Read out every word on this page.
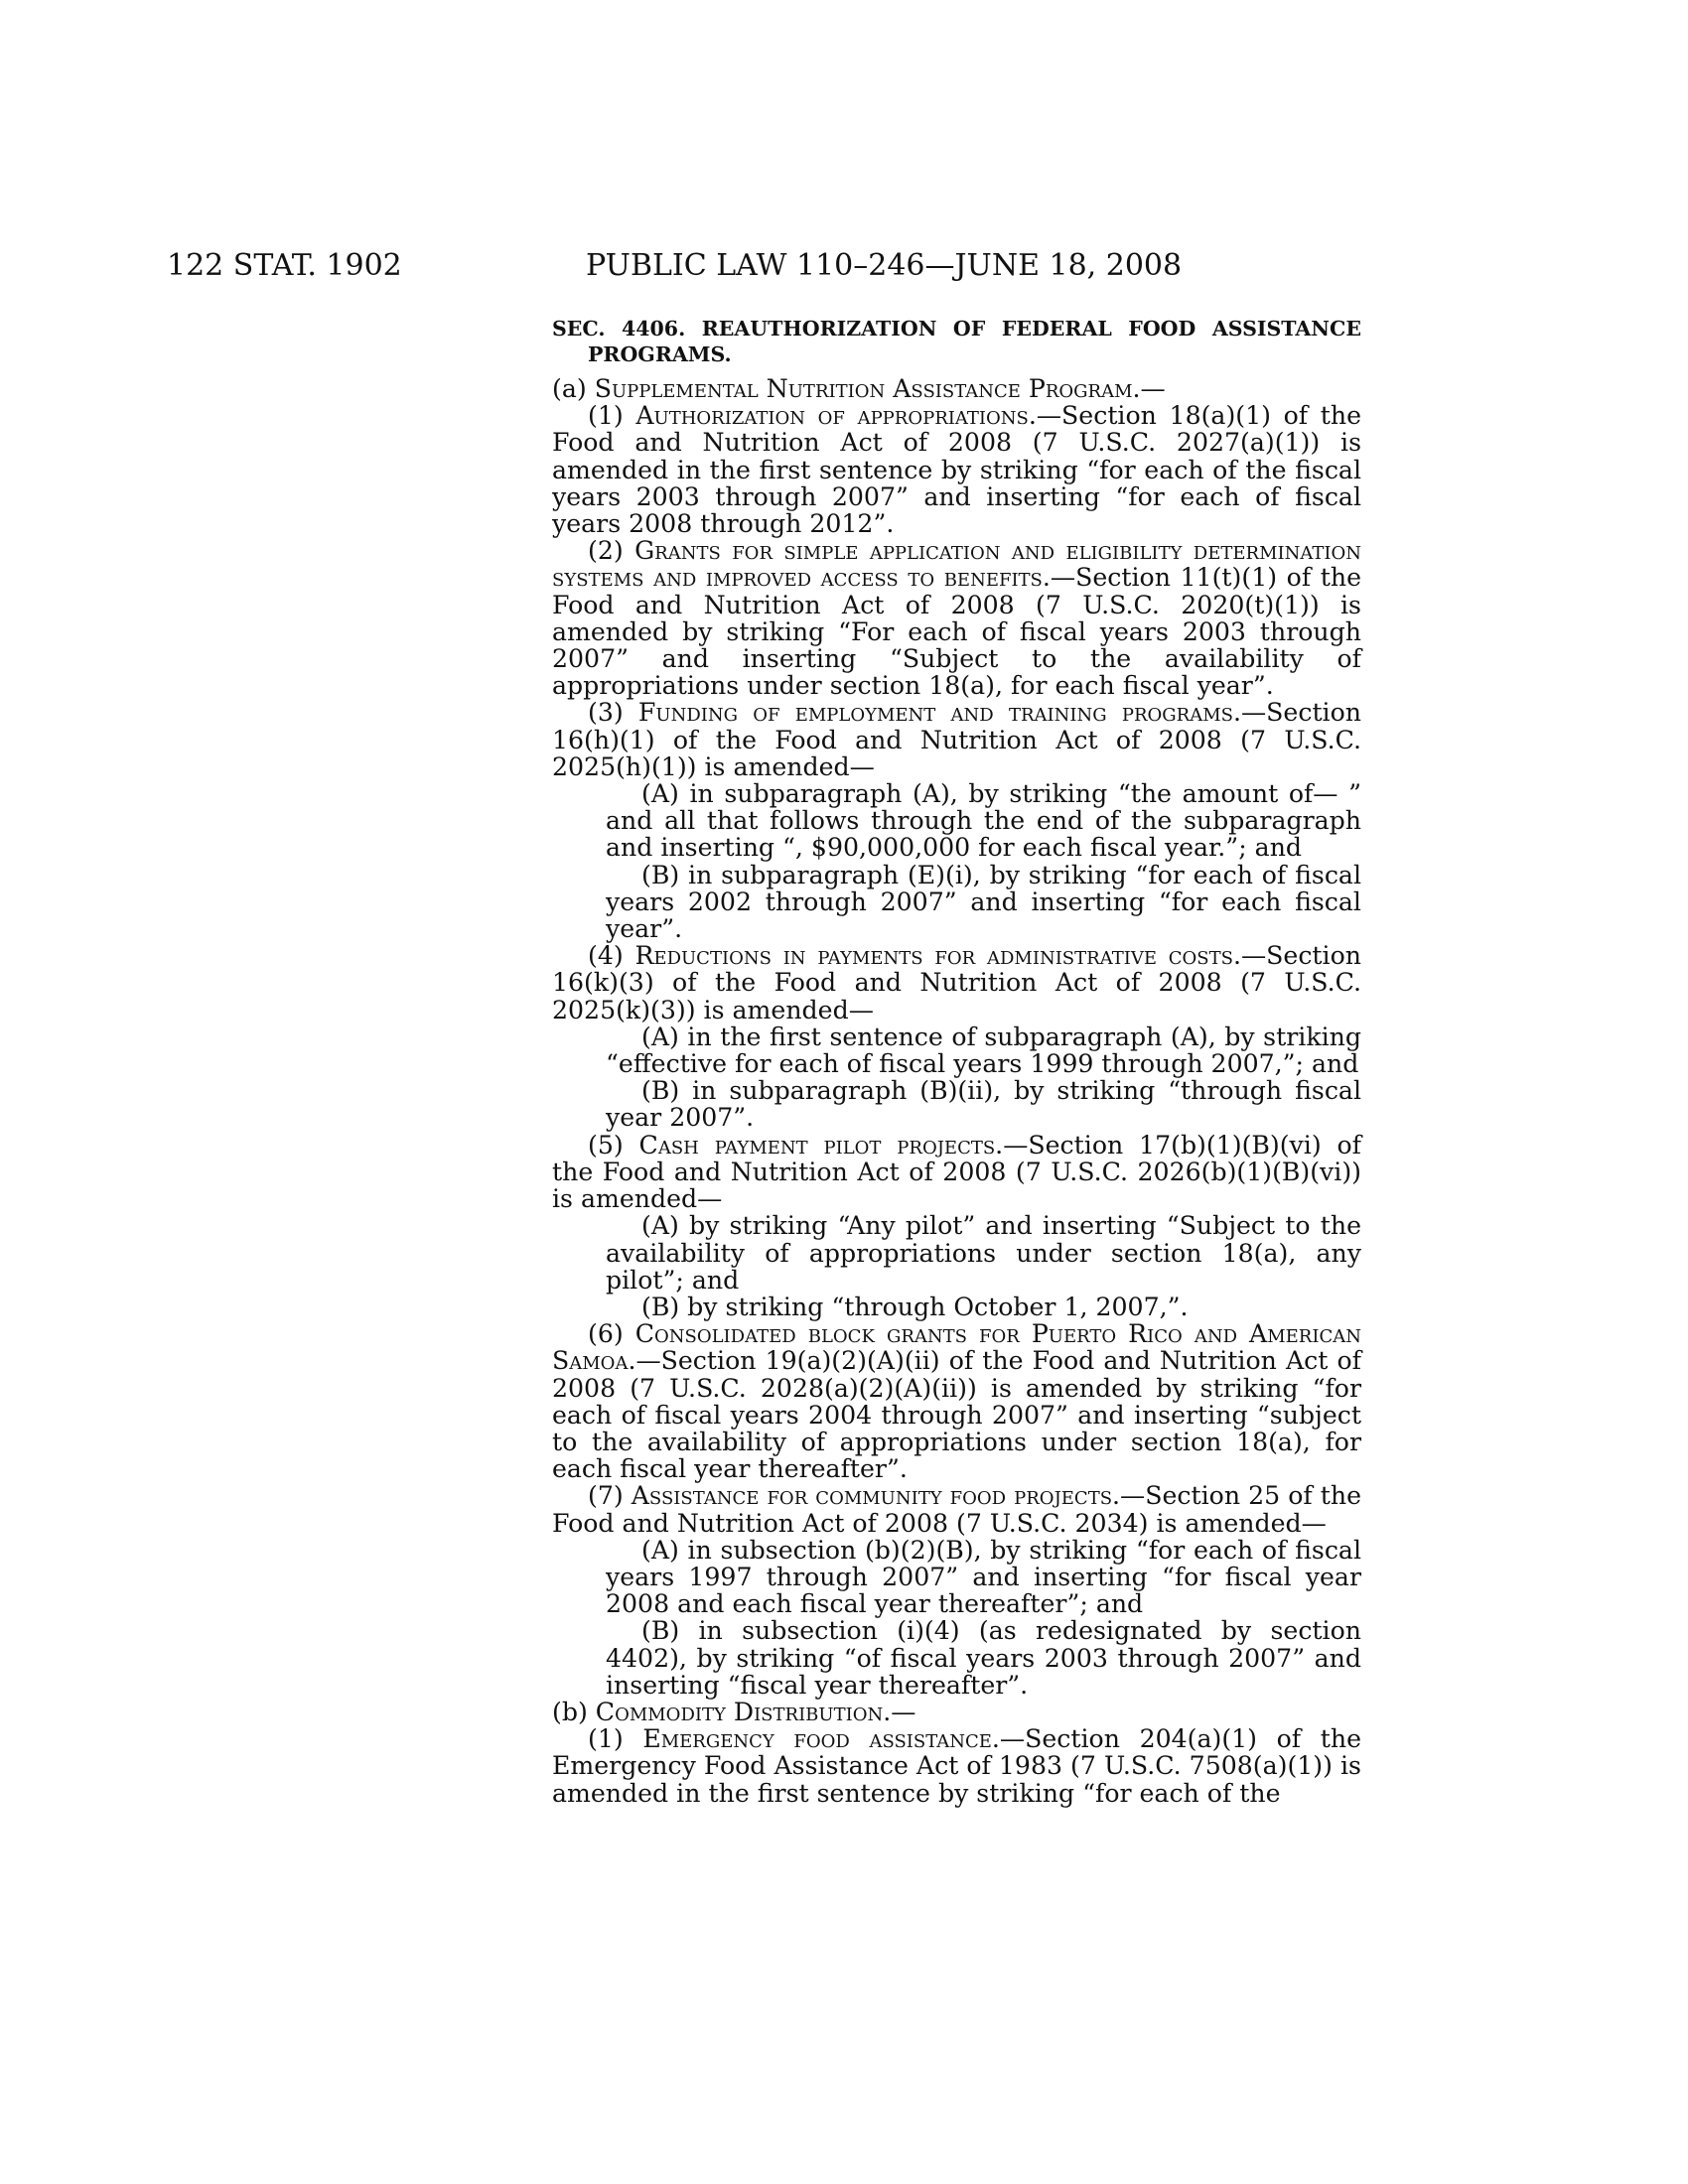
122 STAT. 1902	PUBLIC LAW 110–246—JUNE 18, 2008
SEC. 4406. REAUTHORIZATION OF FEDERAL FOOD ASSISTANCE PROGRAMS.

(a) Supplemental Nutrition Assistance Program.—

(1) Authorization of appropriations.—Section 18(a)(1) of the Food and Nutrition Act of 2008 (7 U.S.C. 2027(a)(1)) is amended in the first sentence by striking “for each of the fiscal years 2003 through 2007” and inserting “for each of fiscal years 2008 through 2012”.

(2) Grants for simple application and eligibility determination systems and improved access to benefits.—Section 11(t)(1) of the Food and Nutrition Act of 2008 (7 U.S.C. 2020(t)(1)) is amended by striking “For each of fiscal years 2003 through 2007” and inserting “Subject to the availability of appropriations under section 18(a), for each fiscal year”.

(3) Funding of employment and training programs.—Section 16(h)(1) of the Food and Nutrition Act of 2008 (7 U.S.C. 2025(h)(1)) is amended—

(A) in subparagraph (A), by striking “the amount of— ” and all that follows through the end of the subparagraph and inserting “, $90,000,000 for each fiscal year.”; and

(B) in subparagraph (E)(i), by striking “for each of fiscal years 2002 through 2007” and inserting “for each fiscal year”.

(4) Reductions in payments for administrative costs.—Section 16(k)(3) of the Food and Nutrition Act of 2008 (7 U.S.C. 2025(k)(3)) is amended—

(A) in the first sentence of subparagraph (A), by striking “effective for each of fiscal years 1999 through 2007,”; and

(B) in subparagraph (B)(ii), by striking “through fiscal year 2007”.

(5) Cash payment pilot projects.—Section 17(b)(1)(B)(vi) of the Food and Nutrition Act of 2008 (7 U.S.C. 2026(b)(1)(B)(vi)) is amended—

(A) by striking “Any pilot” and inserting “Subject to the availability of appropriations under section 18(a), any pilot”; and

(B) by striking “through October 1, 2007,”.

(6) Consolidated block grants for Puerto Rico and American Samoa.—Section 19(a)(2)(A)(ii) of the Food and Nutrition Act of 2008 (7 U.S.C. 2028(a)(2)(A)(ii)) is amended by striking “for each of fiscal years 2004 through 2007” and inserting “subject to the availability of appropriations under section 18(a), for each fiscal year thereafter”.

(7) Assistance for community food projects.—Section 25 of the Food and Nutrition Act of 2008 (7 U.S.C. 2034) is amended—

(A) in subsection (b)(2)(B), by striking “for each of fiscal years 1997 through 2007” and inserting “for fiscal year 2008 and each fiscal year thereafter”; and

(B) in subsection (i)(4) (as redesignated by section 4402), by striking “of fiscal years 2003 through 2007” and inserting “fiscal year thereafter”.

(b) Commodity Distribution.—

(1) Emergency food assistance.—Section 204(a)(1) of the Emergency Food Assistance Act of 1983 (7 U.S.C. 7508(a)(1)) is amended in the first sentence by striking “for each of the
